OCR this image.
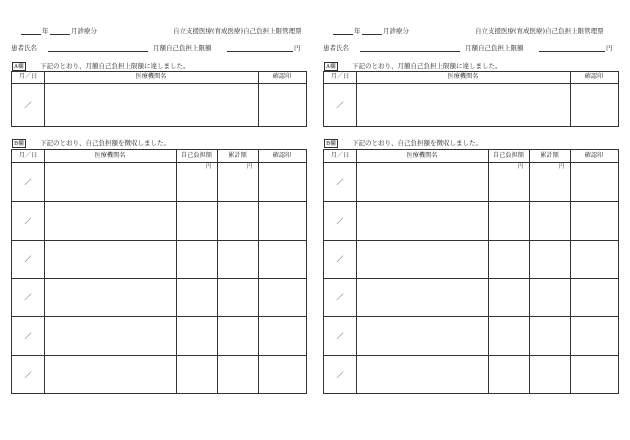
年	月診療分	自立支援医療(育成医療)自己負担上限管理票
患者氏名	月額自己負担上限額	円
A欄	下記のとおり、月額自己負担上限額に達しました。
月／日	医療機関名	確認印
／
B欄	下記のとおり、自己負担額を徴収しました。
月／日	医療機関名	自己負担額	累計額	確認印
円	円
／
／
／
／
／
／
年	月診療分	自立支援医療(育成医療)自己負担上限管理票
患者氏名	月額自己負担上限額	円
A欄	下記のとおり、月額自己負担上限額に達しました。
月／日	医療機関名	確認印
／
B欄	下記のとおり、自己負担額を徴収しました。
月／日	医療機関名	自己負担額	累計額	確認印
円	円
／
／
／
／
／
／
